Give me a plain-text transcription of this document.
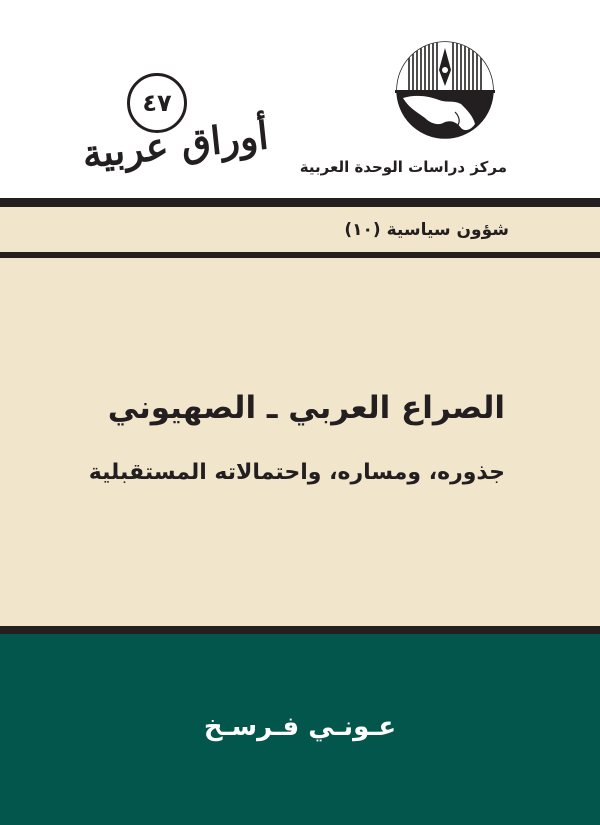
مركز دراسات الوحدة العربية
٤٧
أوراق عربية
شؤون سياسية (١٠)
الصراع العربي ـ الصهيوني
جذوره، ومساره، واحتمالاته المستقبلية
عـونـي فـرسـخ
